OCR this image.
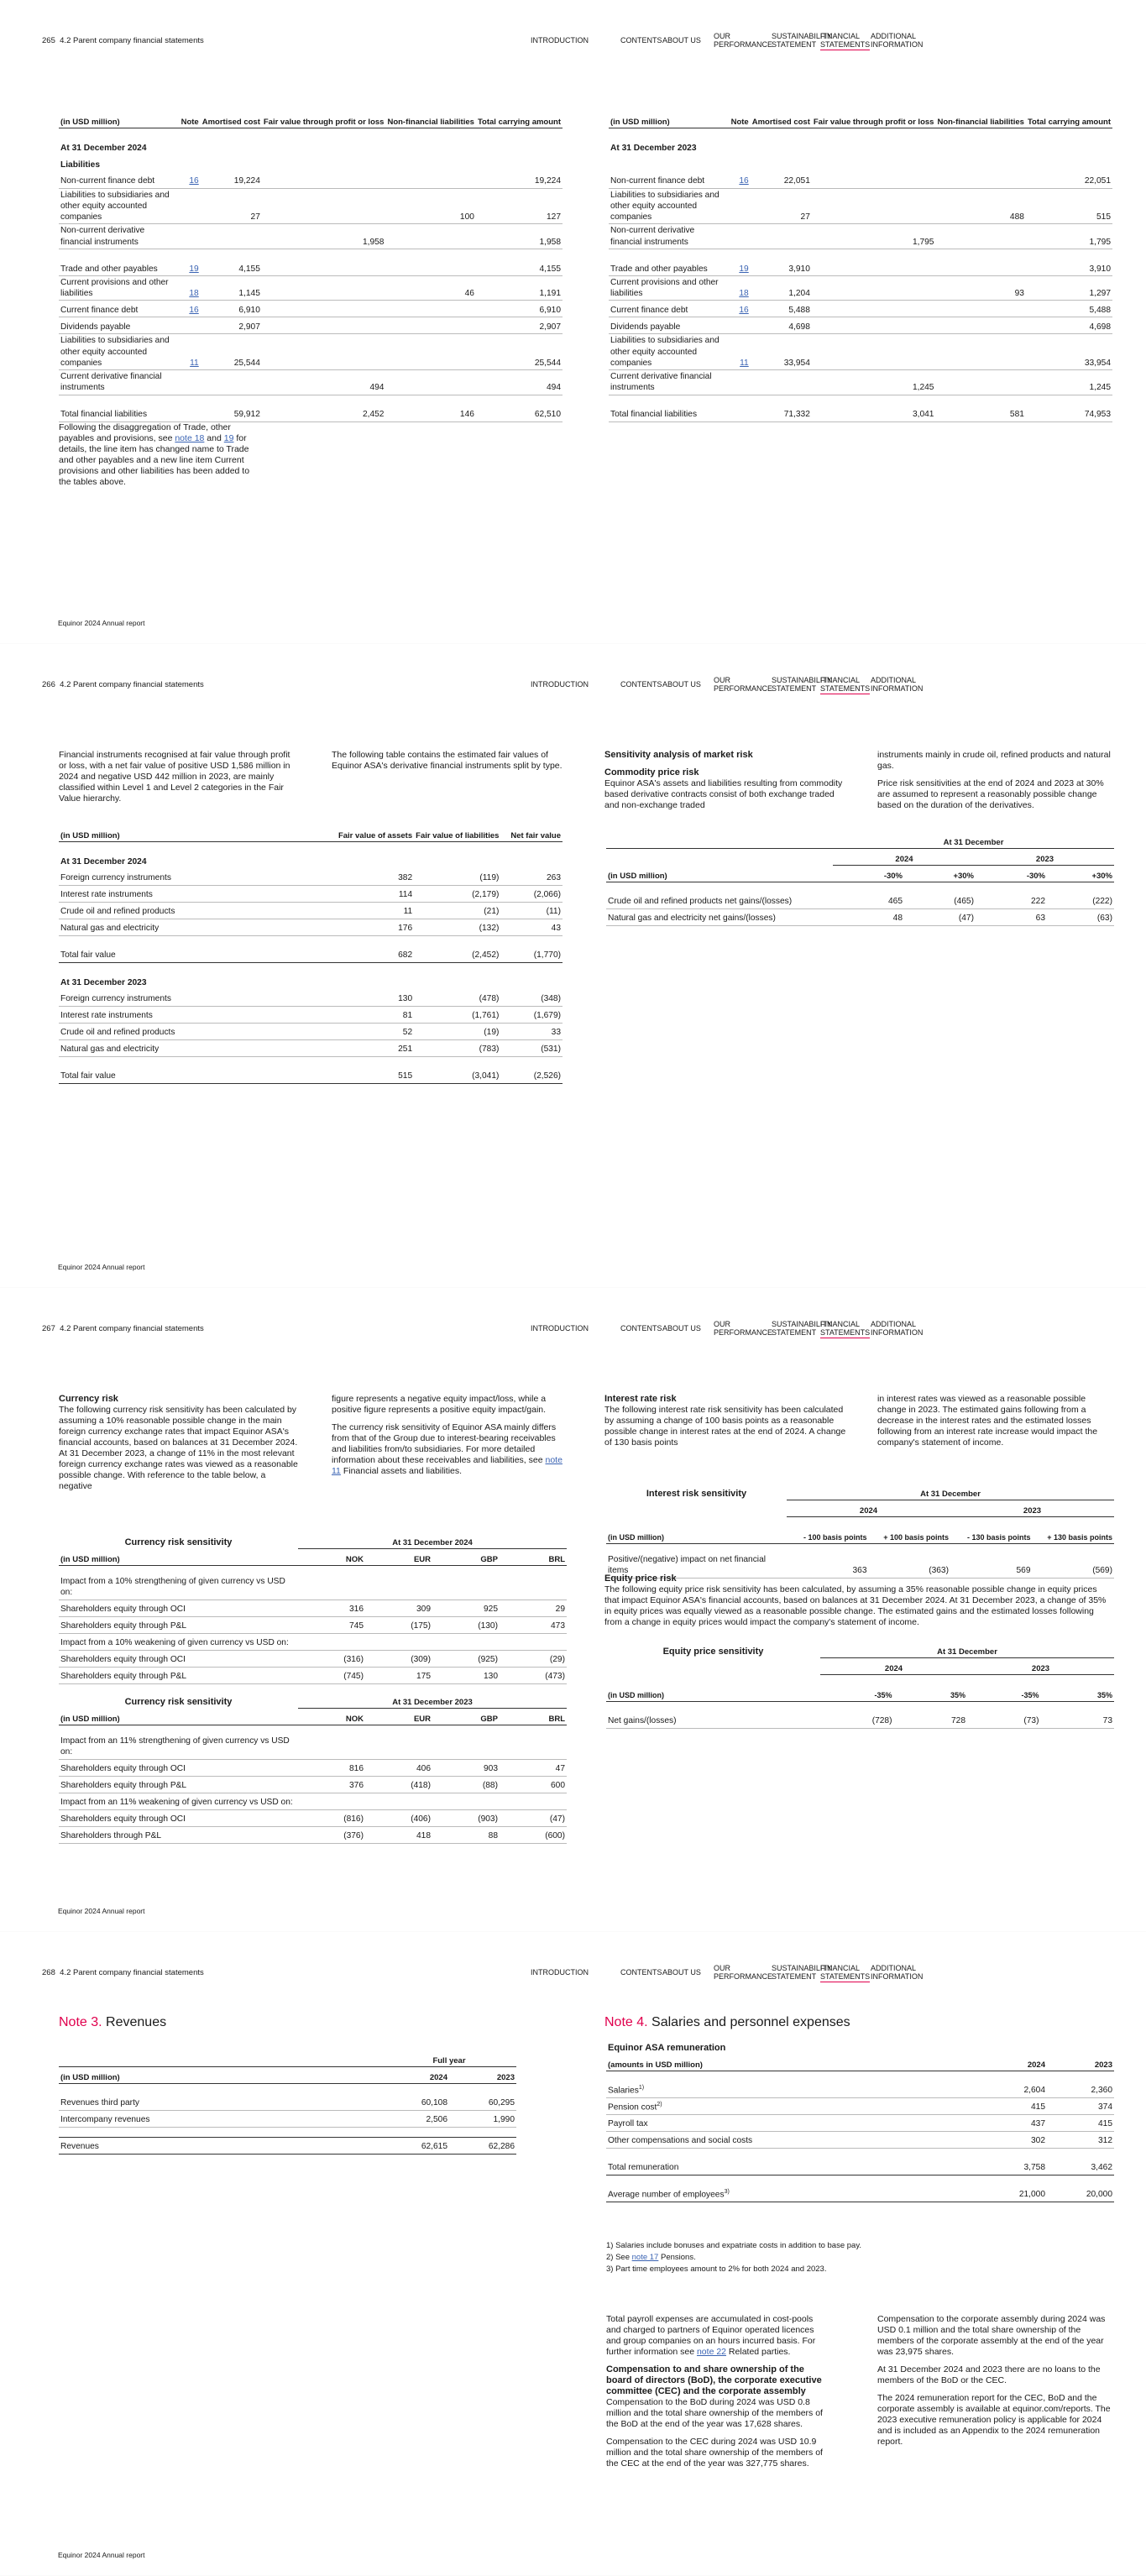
265 4.2 Parent company financial statements	INTRODUCTION	CONTENTS ABOUT US OUR
PERFORMANCE
SUSTAINABILITY
STATEMENT
FINANCIAL
STATEMENTS
ADDITIONAL
INFORMATION
(in USD million)	Note	Amortised cost	Fair value through profit or loss	Non-financial liabilities	Total carrying amount

At 31 December 2024					
Liabilities					
Non-current finance debt	16	19,224			19,224
Liabilities to subsidiaries and other equity accounted companies		27		100	127
Non-current derivative financial instruments			1,958		1,958

Trade and other payables	19	4,155			4,155
Current provisions and other liabilities	18	1,145		46	1,191
Current finance debt	16	6,910			6,910
Dividends payable		2,907			2,907
Liabilities to subsidiaries and other equity accounted companies	11	25,544			25,544
Current derivative financial instruments			494		494

Total financial liabilities		59,912	2,452	146	62,510
(in USD million)	Note	Amortised cost	Fair value through profit or loss	Non-financial liabilities	Total carrying amount

At 31 December 2023					

Non-current finance debt	16	22,051			22,051
Liabilities to subsidiaries and other equity accounted companies		27		488	515
Non-current derivative financial instruments			1,795		1,795

Trade and other payables	19	3,910			3,910
Current provisions and other liabilities	18	1,204		93	1,297
Current finance debt	16	5,488			5,488
Dividends payable		4,698			4,698
Liabilities to subsidiaries and other equity accounted companies	11	33,954			33,954
Current derivative financial instruments			1,245		1,245

Total financial liabilities		71,332	3,041	581	74,953
Following the disaggregation of Trade, other payables and provisions, see note 18 and 19 for details, the line item has changed name to Trade and other payables and a new line item Current provisions and other liabilities has been added to the tables above.
Equinor 2024 Annual report
266 4.2 Parent company financial statements	INTRODUCTION	CONTENTS ABOUT US OUR
PERFORMANCE
SUSTAINABILITY
STATEMENT
FINANCIAL
STATEMENTS
ADDITIONAL
INFORMATION
Financial instruments recognised at fair value through profit or loss, with a net fair value of positive USD 1,586 million in 2024 and negative USD 442 million in 2023, are mainly classified within Level 1 and Level 2 categories in the Fair Value hierarchy.
The following table contains the estimated fair values of Equinor ASA's derivative financial instruments split by type.
(in USD million)	Fair value of assets	Fair value of liabilities	Net fair value

At 31 December 2024			
Foreign currency instruments	382	(119)	263
Interest rate instruments	114	(2,179)	(2,066)
Crude oil and refined products	11	(21)	(11)
Natural gas and electricity	176	(132)	43

Total fair value	682	(2,452)	(1,770)

At 31 December 2023			
Foreign currency instruments	130	(478)	(348)
Interest rate instruments	81	(1,761)	(1,679)
Crude oil and refined products	52	(19)	33
Natural gas and electricity	251	(783)	(531)

Total fair value	515	(3,041)	(2,526)
Sensitivity analysis of market risk
Commodity price risk
Equinor ASA's assets and liabilities resulting from commodity based derivative contracts consist of both exchange traded and non-exchange traded
instruments mainly in crude oil, refined products and natural gas.
Price risk sensitivities at the end of 2024 and 2023 at 30% are assumed to represent a reasonably possible change based on the duration of the derivatives.
	At 31 December			
	2024		2023	
(in USD million)	-30%	+30%	-30%	+30%

Crude oil and refined products net gains/(losses)	465	(465)	222	(222)
Natural gas and electricity net gains/(losses)	48	(47)	63	(63)
Equinor 2024 Annual report
267 4.2 Parent company financial statements	INTRODUCTION	CONTENTS ABOUT US OUR
PERFORMANCE
SUSTAINABILITY
STATEMENT
FINANCIAL
STATEMENTS
ADDITIONAL
INFORMATION
Currency risk
The following currency risk sensitivity has been calculated by assuming a 10% reasonable possible change in the main foreign currency exchange rates that impact Equinor ASA's financial accounts, based on balances at 31 December 2024. At 31 December 2023, a change of 11% in the most relevant foreign currency exchange rates was viewed as a reasonable possible change. With reference to the table below, a negative
figure represents a negative equity impact/loss, while a positive figure represents a positive equity impact/gain.
The currency risk sensitivity of Equinor ASA mainly differs from that of the Group due to interest-bearing receivables and liabilities from/to subsidiaries. For more detailed information about these receivables and liabilities, see note 11 Financial assets and liabilities.
Currency risk sensitivity	At 31 December 2024			
(in USD million)	NOK	EUR	GBP	BRL

Impact from a 10% strengthening of given currency vs USD on:				
Shareholders equity through OCI	316	309	925	29
Shareholders equity through P&L	745	(175)	(130)	473
Impact from a 10% weakening of given currency vs USD on:				
Shareholders equity through OCI	(316)	(309)	(925)	(29)
Shareholders equity through P&L	(745)	175	130	(473)
Currency risk sensitivity	At 31 December 2023			
(in USD million)	NOK	EUR	GBP	BRL

Impact from an 11% strengthening of given currency vs USD on:				
Shareholders equity through OCI	816	406	903	47
Shareholders equity through P&L	376	(418)	(88)	600
Impact from an 11% weakening of given currency vs USD on:				
Shareholders equity through OCI	(816)	(406)	(903)	(47)
Shareholders through P&L	(376)	418	88	(600)
Interest rate risk
The following interest rate risk sensitivity has been calculated by assuming a change of 100 basis points as a reasonable possible change in interest rates at the end of 2024. A change of 130 basis points
in interest rates was viewed as a reasonable possible change in 2023. The estimated gains following from a decrease in the interest rates and the estimated losses following from an interest rate increase would impact the company's statement of income.
Interest risk sensitivity	At 31 December			
	2024		2023	

(in USD million)	- 100 basis points	+ 100 basis points	- 130 basis points	+ 130 basis points

Positive/(negative) impact on net financial items	363	(363)	569	(569)
Equity price risk
The following equity price risk sensitivity has been calculated, by assuming a 35% reasonable possible change in equity prices that impact Equinor ASA's financial accounts, based on balances at 31 December 2024. At 31 December 2023, a change of 35% in equity prices was equally viewed as a reasonable possible change. The estimated gains and the estimated losses following from a change in equity prices would impact the company's statement of income.
Equity price sensitivity	At 31 December			
	2024		2023	

(in USD million)	-35%	35%	-35%	35%

Net gains/(losses)	(728)	728	(73)	73
Equinor 2024 Annual report
268 4.2 Parent company financial statements	INTRODUCTION	CONTENTS ABOUT US OUR
PERFORMANCE
SUSTAINABILITY
STATEMENT
FINANCIAL
STATEMENTS
ADDITIONAL
INFORMATION
Note 3. Revenues
	Full year	
(in USD million)	2024	2023

Revenues third party	60,108	60,295
Intercompany revenues	2,506	1,990

Revenues	62,615	62,286
Note 4. Salaries and personnel expenses
Equinor ASA remuneration		
(amounts in USD million)	2024	2023

Salaries$^{1)}$	2,604	2,360
Pension cost$^{2)}$	415	374
Payroll tax	437	415
Other compensations and social costs	302	312

Total remuneration	3,758	3,462

Average number of employees$^{3)}$	21,000	20,000
1) Salaries include bonuses and expatriate costs in addition to base pay.
2) See note 17 Pensions.
3) Part time employees amount to 2% for both 2024 and 2023.
Total payroll expenses are accumulated in cost-pools and charged to partners of Equinor operated licences and group companies on an hours incurred basis. For further information see note 22 Related parties.
Compensation to and share ownership of the board of directors (BoD), the corporate executive committee (CEC) and the corporate assembly
Compensation to the BoD during 2024 was USD 0.8 million and the total share ownership of the members of the BoD at the end of the year was 17,628 shares.
Compensation to the CEC during 2024 was USD 10.9 million and the total share ownership of the members of the CEC at the end of the year was 327,775 shares.
Compensation to the corporate assembly during 2024 was USD 0.1 million and the total share ownership of the members of the corporate assembly at the end of the year was 23,975 shares.
At 31 December 2024 and 2023 there are no loans to the members of the BoD or the CEC.
The 2024 remuneration report for the CEC, BoD and the corporate assembly is available at equinor.com/reports. The 2023 executive remuneration policy is applicable for 2024 and is included as an Appendix to the 2024 remuneration report.
Equinor 2024 Annual report
